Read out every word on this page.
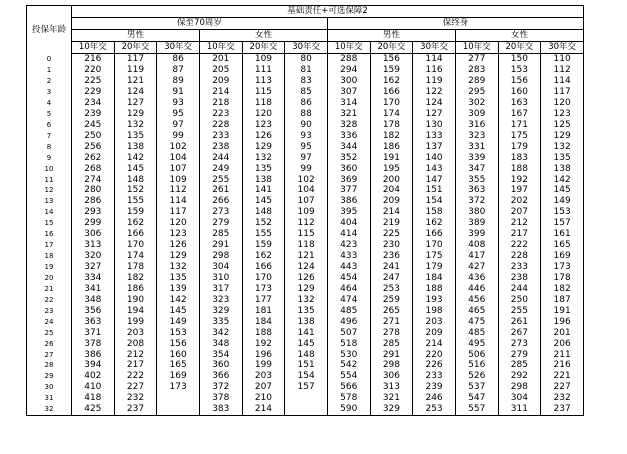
投保年龄	基础责任+可选保障2											
	保至70周岁						保终身					
	男性			女性			男性			女性		
	10年交	20年交	30年交	10年交	20年交	30年交	10年交	20年交	30年交	10年交	20年交	30年交
0	216	117	86	201	109	80	288	156	114	277	150	110
1	220	119	87	205	111	81	294	159	116	283	153	112
2	225	121	89	209	113	83	300	162	119	289	156	114
3	229	124	91	214	115	85	307	166	122	295	160	117
4	234	127	93	218	118	86	314	170	124	302	163	120
5	239	129	95	223	120	88	321	174	127	309	167	123
6	245	132	97	228	123	90	328	178	130	316	171	125
7	250	135	99	233	126	93	336	182	133	323	175	129
8	256	138	102	238	129	95	344	186	137	331	179	132
9	262	142	104	244	132	97	352	191	140	339	183	135
10	268	145	107	249	135	99	360	195	143	347	188	138
11	274	148	109	255	138	102	369	200	147	355	192	142
12	280	152	112	261	141	104	377	204	151	363	197	145
13	286	155	114	266	145	107	386	209	154	372	202	149
14	293	159	117	273	148	109	395	214	158	380	207	153
15	299	162	120	279	152	112	404	219	162	389	212	157
16	306	166	123	285	155	115	414	225	166	399	217	161
17	313	170	126	291	159	118	423	230	170	408	222	165
18	320	174	129	298	162	121	433	236	175	417	228	169
19	327	178	132	304	166	124	443	241	179	427	233	173
20	334	182	135	310	170	126	454	247	184	436	238	178
21	341	186	139	317	173	129	464	253	188	446	244	182
22	348	190	142	323	177	132	474	259	193	456	250	187
23	356	194	145	329	181	135	485	265	198	465	255	191
24	363	199	149	335	184	138	496	271	203	475	261	196
25	371	203	153	342	188	141	507	278	209	485	267	201
26	378	208	156	348	192	145	518	285	214	495	273	206
27	386	212	160	354	196	148	530	291	220	506	279	211
28	394	217	165	360	199	151	542	298	226	516	285	216
29	402	222	169	366	203	154	554	306	233	526	292	221
30	410	227	173	372	207	157	566	313	239	537	298	227
31	418	232		378	210		578	321	246	547	304	232
32	425	237		383	214		590	329	253	557	311	237
